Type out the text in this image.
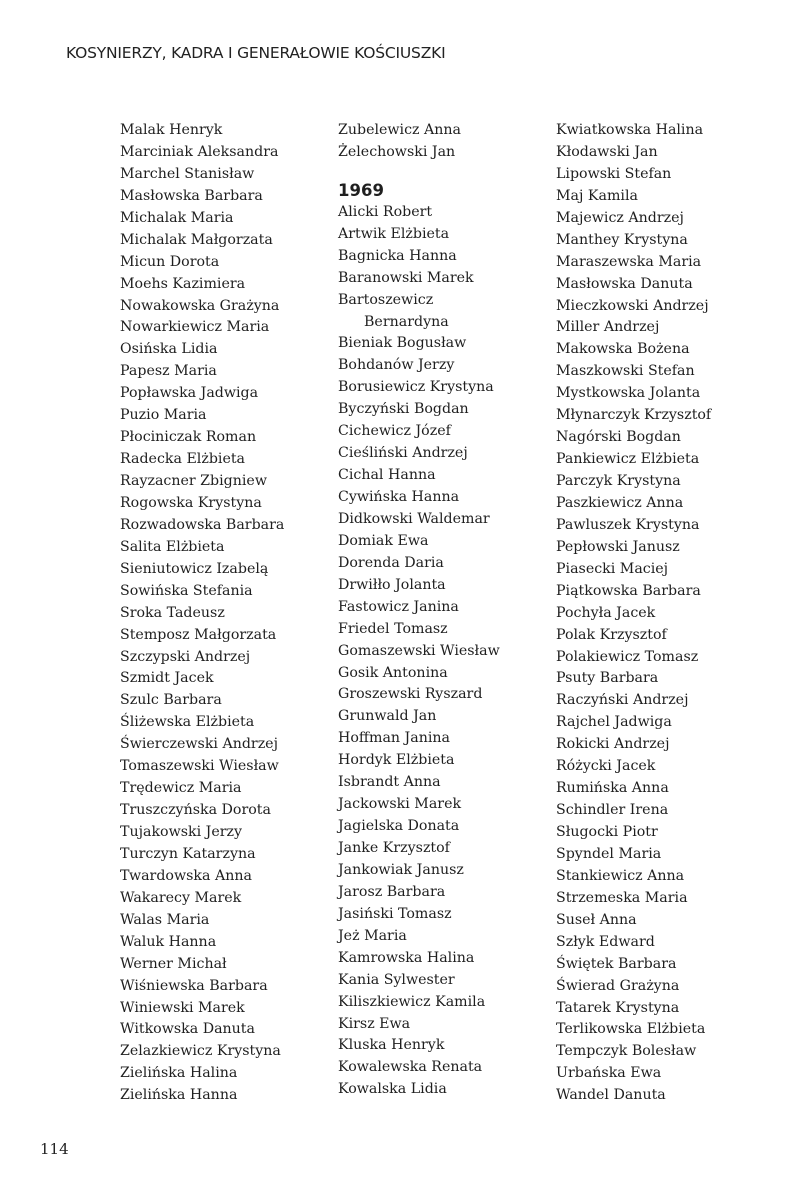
KOSYNIERZY, KADRA I GENERAŁOWIE KOŚCIUSZKI
Malak Henryk
Marciniak Aleksandra
Marchel Stanisław
Masłowska Barbara
Michalak Maria
Michalak Małgorzata
Micun Dorota
Moehs Kazimiera
Nowakowska Grażyna
Nowarkiewicz Maria
Osińska Lidia
Papesz Maria
Popławska Jadwiga
Puzio Maria
Płociniczak Roman
Radecka Elżbieta
Rayzacner Zbigniew
Rogowska Krystyna
Rozwadowska Barbara
Salita Elżbieta
Sieniutowicz Izabelą
Sowińska Stefania
Sroka Tadeusz
Stemposz Małgorzata
Szczypski Andrzej
Szmidt Jacek
Szulc Barbara
Śliżewska Elżbieta
Świerczewski Andrzej
Tomaszewski Wiesław
Trędewicz Maria
Truszczyńska Dorota
Tujakowski Jerzy
Turczyn Katarzyna
Twardowska Anna
Wakarecy Marek
Walas Maria
Waluk Hanna
Werner Michał
Wiśniewska Barbara
Winiewski Marek
Witkowska Danuta
Zelazkiewicz Krystyna
Zielińska Halina
Zielińska Hanna
Zubelewicz Anna
Żelechowski Jan
1969
Alicki Robert
Artwik Elżbieta
Bagnicka Hanna
Baranowski Marek
Bartoszewicz
Bernardyna
Bieniak Bogusław
Bohdanów Jerzy
Borusiewicz Krystyna
Byczyński Bogdan
Cichewicz Józef
Cieśliński Andrzej
Cichal Hanna
Cywińska Hanna
Didkowski Waldemar
Domiak Ewa
Dorenda Daria
Drwiłło Jolanta
Fastowicz Janina
Friedel Tomasz
Gomaszewski Wiesław
Gosik Antonina
Groszewski Ryszard
Grunwald Jan
Hoffman Janina
Hordyk Elżbieta
Isbrandt Anna
Jackowski Marek
Jagielska Donata
Janke Krzysztof
Jankowiak Janusz
Jarosz Barbara
Jasiński Tomasz
Jeż Maria
Kamrowska Halina
Kania Sylwester
Kiliszkiewicz Kamila
Kirsz Ewa
Kluska Henryk
Kowalewska Renata
Kowalska Lidia
Kwiatkowska Halina
Kłodawski Jan
Lipowski Stefan
Maj Kamila
Majewicz Andrzej
Manthey Krystyna
Maraszewska Maria
Masłowska Danuta
Mieczkowski Andrzej
Miller Andrzej
Makowska Bożena
Maszkowski Stefan
Mystkowska Jolanta
Młynarczyk Krzysztof
Nagórski Bogdan
Pankiewicz Elżbieta
Parczyk Krystyna
Paszkiewicz Anna
Pawluszek Krystyna
Pepłowski Janusz
Piasecki Maciej
Piątkowska Barbara
Pochyła Jacek
Polak Krzysztof
Polakiewicz Tomasz
Psuty Barbara
Raczyński Andrzej
Rajchel Jadwiga
Rokicki Andrzej
Różycki Jacek
Rumińska Anna
Schindler Irena
Sługocki Piotr
Spyndel Maria
Stankiewicz Anna
Strzemeska Maria
Suseł Anna
Szłyk Edward
Świętek Barbara
Świerad Grażyna
Tatarek Krystyna
Terlikowska Elżbieta
Tempczyk Bolesław
Urbańska Ewa
Wandel Danuta
114
